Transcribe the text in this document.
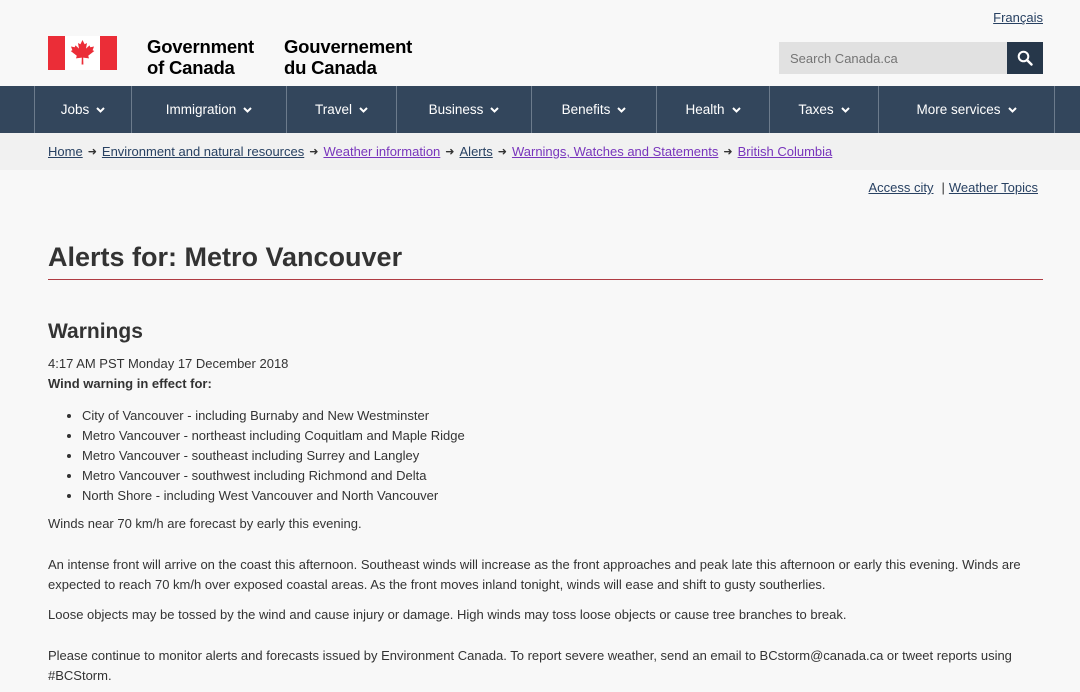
Français
Government
of Canada
Gouvernement
du Canada
Search Canada.ca
Jobs	Immigration	Travel	Business	Benefits	Health	Taxes	More services
Home ➜ Environment and natural resources ➜ Weather information ➜ Alerts ➜ Warnings, Watches and Statements ➜ British Columbia
Access city | Weather Topics
Alerts for: Metro Vancouver
Warnings
4:17 AM PST Monday 17 December 2018
Wind warning in effect for:
• City of Vancouver - including Burnaby and New Westminster
• Metro Vancouver - northeast including Coquitlam and Maple Ridge
• Metro Vancouver - southeast including Surrey and Langley
• Metro Vancouver - southwest including Richmond and Delta
• North Shore - including West Vancouver and North Vancouver

Winds near 70 km/h are forecast by early this evening.

An intense front will arrive on the coast this afternoon. Southeast winds will increase as the front approaches and peak late this afternoon or early this evening. Winds are expected to reach 70 km/h over exposed coastal areas. As the front moves inland tonight, winds will ease and shift to gusty southerlies.

Loose objects may be tossed by the wind and cause injury or damage. High winds may toss loose objects or cause tree branches to break.

Please continue to monitor alerts and forecasts issued by Environment Canada. To report severe weather, send an email to BCstorm@canada.ca or tweet reports using #BCStorm.
